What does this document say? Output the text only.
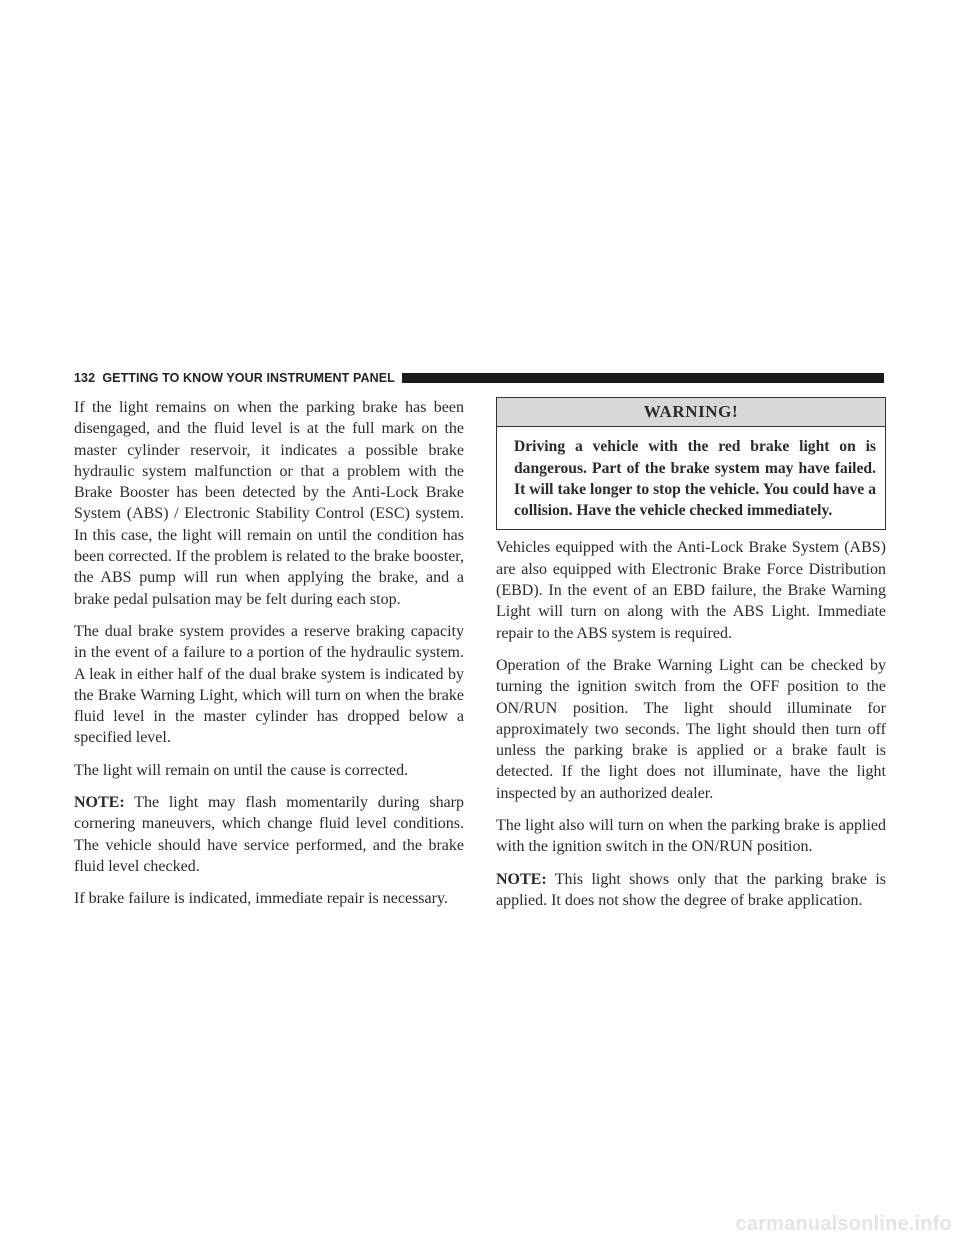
132 GETTING TO KNOW YOUR INSTRUMENT PANEL

If the light remains on when the parking brake has been disengaged, and the fluid level is at the full mark on the master cylinder reservoir, it indicates a possible brake hydraulic system malfunction or that a problem with the Brake Booster has been detected by the Anti-Lock Brake System (ABS) / Electronic Stability Control (ESC) system. In this case, the light will remain on until the condition has been corrected. If the problem is related to the brake booster, the ABS pump will run when applying the brake, and a brake pedal pulsation may be felt during each stop.

The dual brake system provides a reserve braking capacity in the event of a failure to a portion of the hydraulic system. A leak in either half of the dual brake system is indicated by the Brake Warning Light, which will turn on when the brake fluid level in the master cylinder has dropped below a specified level.

The light will remain on until the cause is corrected.

NOTE: The light may flash momentarily during sharp cornering maneuvers, which change fluid level conditions. The vehicle should have service performed, and the brake fluid level checked.

If brake failure is indicated, immediate repair is necessary.

WARNING!
Driving a vehicle with the red brake light on is dangerous. Part of the brake system may have failed. It will take longer to stop the vehicle. You could have a collision. Have the vehicle checked immediately.

Vehicles equipped with the Anti-Lock Brake System (ABS) are also equipped with Electronic Brake Force Distribution (EBD). In the event of an EBD failure, the Brake Warning Light will turn on along with the ABS Light. Immediate repair to the ABS system is required.

Operation of the Brake Warning Light can be checked by turning the ignition switch from the OFF position to the ON/RUN position. The light should illuminate for approximately two seconds. The light should then turn off unless the parking brake is applied or a brake fault is detected. If the light does not illuminate, have the light inspected by an authorized dealer.

The light also will turn on when the parking brake is applied with the ignition switch in the ON/RUN position.

NOTE: This light shows only that the parking brake is applied. It does not show the degree of brake application.

carmanualsonline.info
